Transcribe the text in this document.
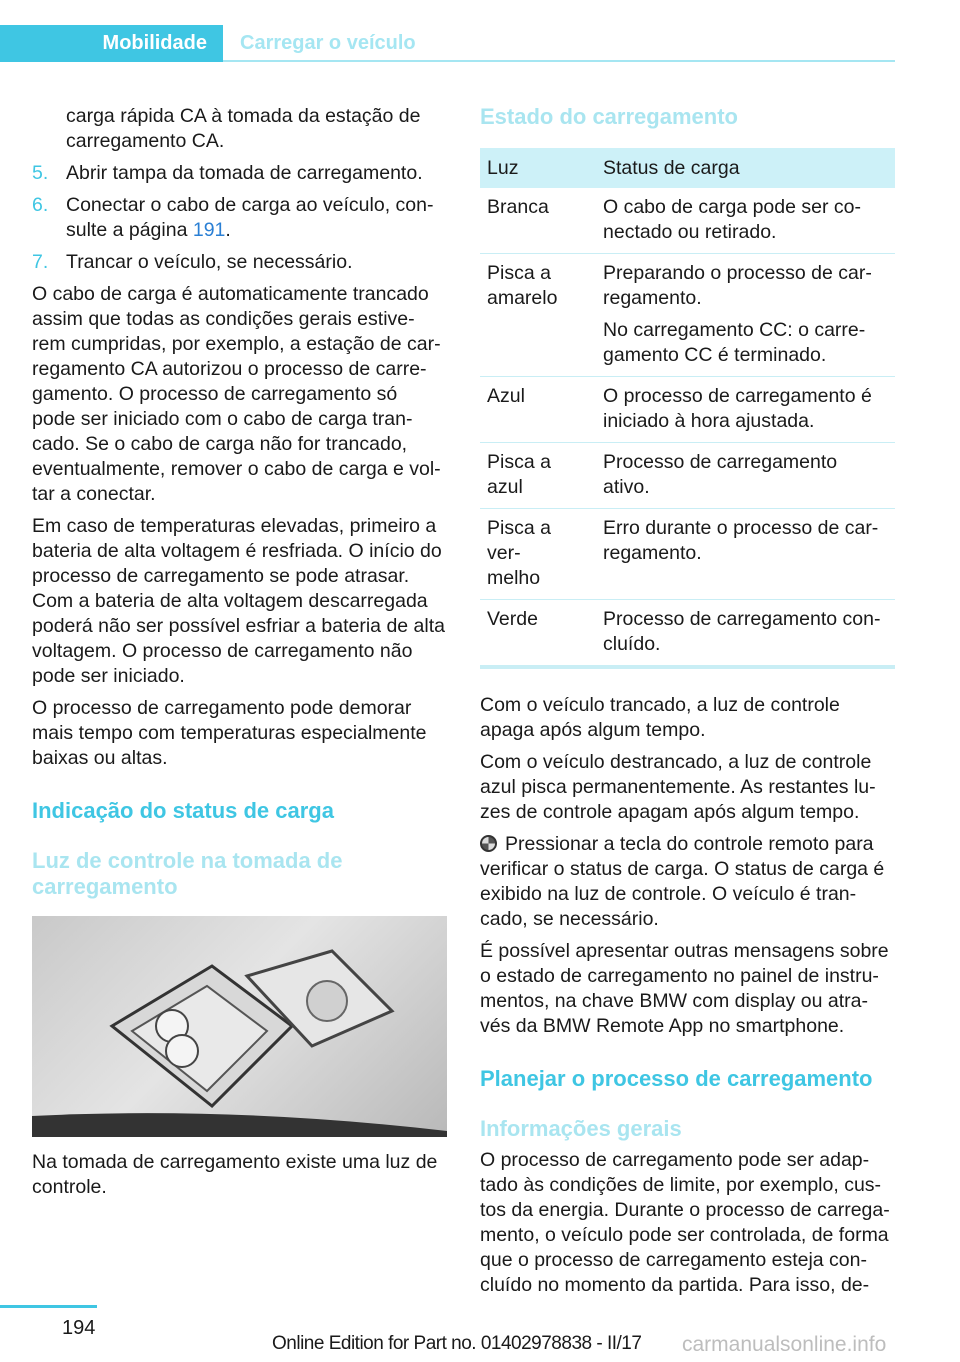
Mobilidade	Carregar o veículo
carga rápida CA à tomada da estação de
carregamento CA.
5. Abrir tampa da tomada de carregamento.
6. Conectar o cabo de carga ao veículo, con-
sulte a página 191.
7. Trancar o veículo, se necessário.
O cabo de carga é automaticamente trancado
assim que todas as condições gerais estive-
rem cumpridas, por exemplo, a estação de car-
regamento CA autorizou o processo de carre-
gamento. O processo de carregamento só
pode ser iniciado com o cabo de carga tran-
cado. Se o cabo de carga não for trancado,
eventualmente, remover o cabo de carga e vol-
tar a conectar.
Em caso de temperaturas elevadas, primeiro a
bateria de alta voltagem é resfriada. O início do
processo de carregamento se pode atrasar.
Com a bateria de alta voltagem descarregada
poderá não ser possível esfriar a bateria de alta
voltagem. O processo de carregamento não
pode ser iniciado.
O processo de carregamento pode demorar
mais tempo com temperaturas especialmente
baixas ou altas.
Indicação do status de carga
Luz de controle na tomada de
carregamento
Na tomada de carregamento existe uma luz de
controle.
Estado do carregamento
Luz	Status de carga
Branca	O cabo de carga pode ser co-
nectado ou retirado.
Pisca a
amarelo	Preparando o processo de car-
regamento.
No carregamento CC: o carre-
gamento CC é terminado.

Azul	O processo de carregamento é
iniciado à hora ajustada.
Pisca a azul	Processo de carregamento
ativo.
Pisca a ver-
melho	Erro durante o processo de car-
regamento.
Verde	Processo de carregamento con-
cluído.
Com o veículo trancado, a luz de controle
apaga após algum tempo.
Com o veículo destrancado, a luz de controle
azul pisca permanentemente. As restantes lu-
zes de controle apagam após algum tempo.
Pressionar a tecla do controle remoto para
verificar o status de carga. O status de carga é
exibido na luz de controle. O veículo é tran-
cado, se necessário.
É possível apresentar outras mensagens sobre
o estado de carregamento no painel de instru-
mentos, na chave BMW com display ou atra-
vés da BMW Remote App no smartphone.
Planejar o processo de carregamento
Informações gerais
O processo de carregamento pode ser adap-
tado às condições de limite, por exemplo, cus-
tos da energia. Durante o processo de carrega-
mento, o veículo pode ser controlada, de forma
que o processo de carregamento esteja con-
cluído no momento da partida. Para isso, de-
194
Online Edition for Part no. 01402978838 - II/17 carmanualsonline.info
